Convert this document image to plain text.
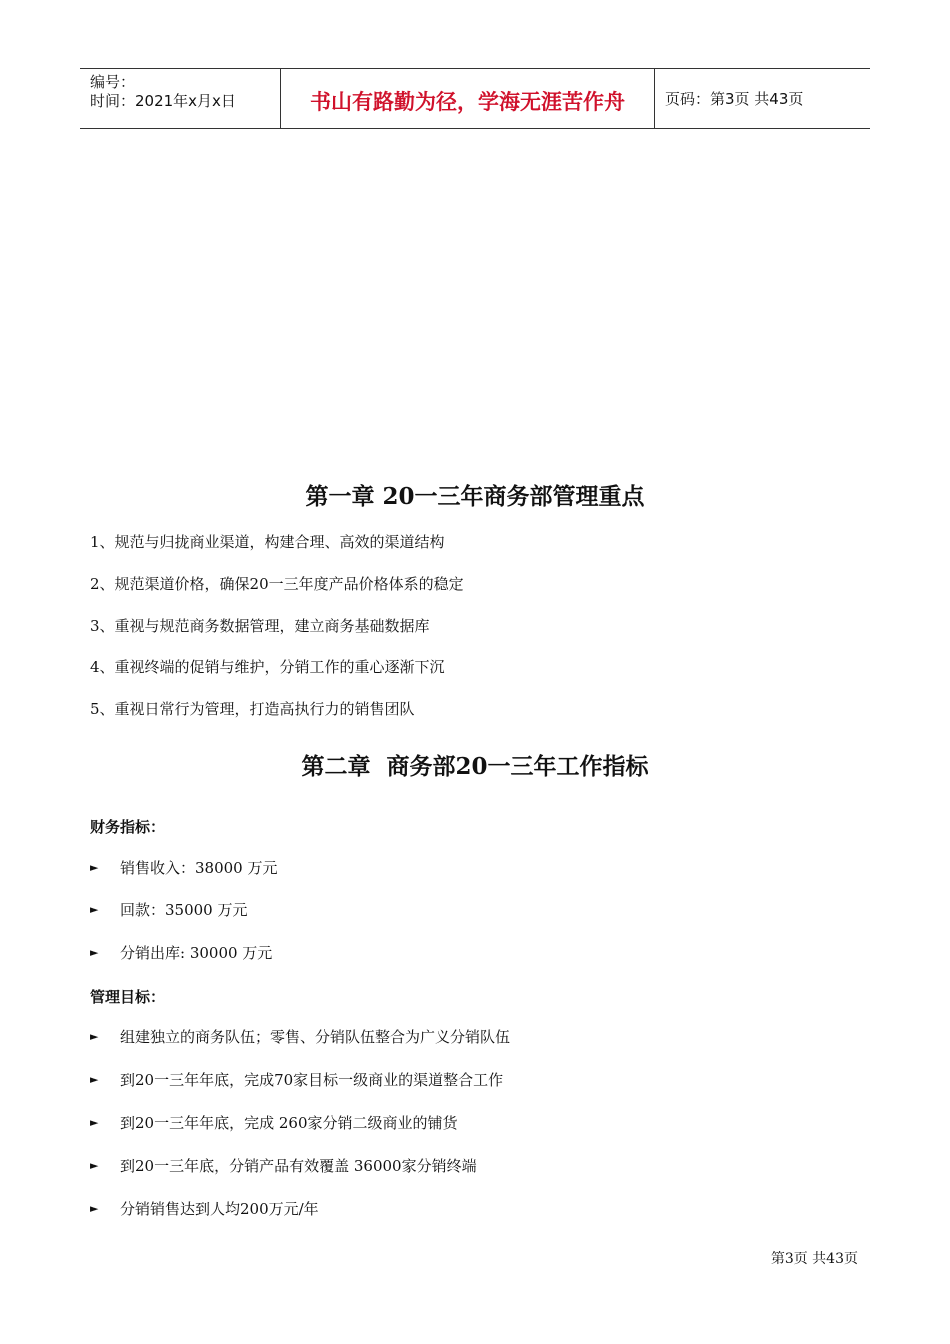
编号：
时间：2021年x月x日	书山有路勤为径，学海无涯苦作舟	页码：第3页 共43页
第一章 20一三年商务部管理重点
1、规范与归拢商业渠道，构建合理、高效的渠道结构
2、规范渠道价格，确保20一三年度产品价格体系的稳定
3、重视与规范商务数据管理，建立商务基础数据库
4、重视终端的促销与维护，分销工作的重心逐渐下沉
5、重视日常行为管理，打造高执行力的销售团队
第二章  商务部20一三年工作指标
财务指标：
►	销售收入：38000 万元
►	回款：35000 万元
►	分销出库: 30000 万元
管理目标：
►	组建独立的商务队伍；零售、分销队伍整合为广义分销队伍
►	到20一三年年底，完成70家目标一级商业的渠道整合工作
►	到20一三年年底，完成 260家分销二级商业的铺货
►	到20一三年底，分销产品有效覆盖 36000家分销终端
►	分销销售达到人均200万元/年
第3页 共43页
